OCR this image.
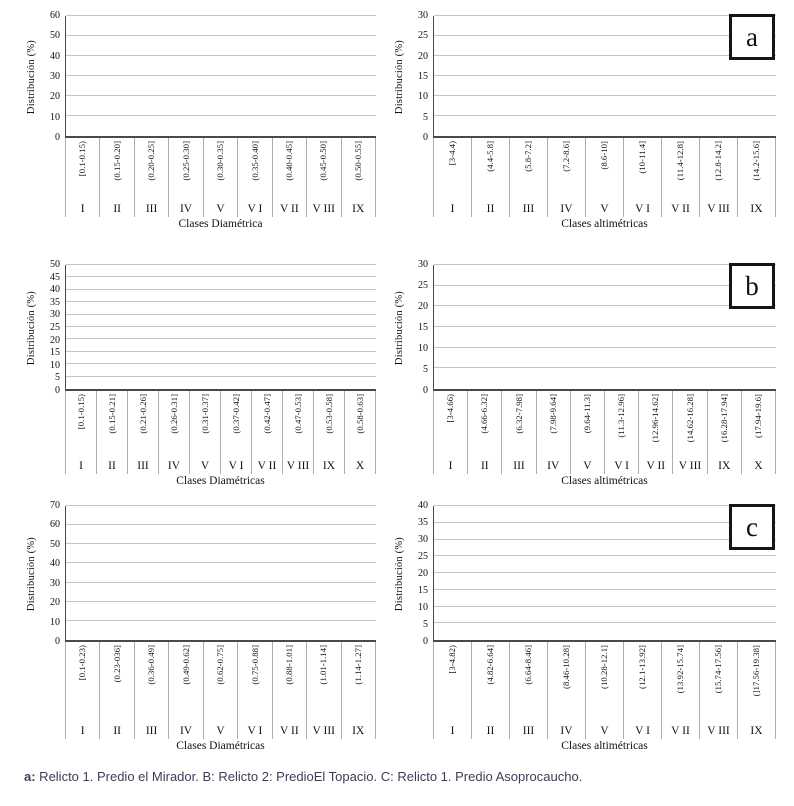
Distribución (%)
0
10
20
30
40
50
60
[0.1-0.15)	(0.15-0.20]	(0.20-0.25]	(0.25-0.30]	(0.30-0.35]	(0.35-0.40]	(0.40-0.45]	(0.45-0.50]	(0.50-0.55]
I	II	III	IV	V	V I	V II	V III	IX
Clases Diamétrica
Distribución (%)
0
5
10
15
20
25
30
a
[3-4.4)	(4.4-5.8]	(5.8-7.2]	(7.2-8.6]	(8.6-10]	(10-11.4]	(11.4-12.8]	(12.8-14.2]	(14.2-15.6]
I	II	III	IV	V	V I	V II	V III	IX
Clases altimétricas
Distribución (%)
0
5
10
15
20
25
30
35
40
45
50
[0.1-0.15) (0.15-0.21] (0.21-0.26] (0.26-0.31] (0.31-0.37] (0.37-0.42] (0.42-0.47] (0.47-0.53] (0.53-0.58] (0.58-0.63]
I	II	III	IV	V	V I	V II V III	IX	X
Clases Diamétricas
Distribución (%)
0
5
10
15
20
25
30
b
[3-4.66)	(4.66-6.32]	(6.32-7.98]	(7.98-9.64]	(9.64-11.3]	(11.3-12.96]	(12.96-14.62]	(14.62-16.28]	(16.28-17.94]	(17.94-19.6]
I	II	III	IV	V	V I	V II	V III	IX	X
Clases altimétricas
Distribución (%)
0
10
20
30
40
50
60
70
[0.1-0.23)	(0.23-036]	(0.36-0.49]	(0.49-0.62]	(0.62-0.75]	(0.75-0.88]	(0.88-1.01]	(1.01-1.14]	(1.14-1.27]
I	II	III	IV	V	V I	V II	V III	IX
Clases Diamétricas
Distribución (%)
0
5
10
15
20
25
30
35
40
c
[3-4.82)	(4.82-6.64]	(6.64-8.46]	(8.46-10.28]	(10.28-12.1]	(12.1-13.92]	(13.92-15.74]	(15.74-17.56]	(]17.56-19.38]
I	II	III	IV	V	V I	V II	V III	IX
Clases altimétricas

a: Relicto 1. Predio el Mirador. B: Relicto 2: PredioEl Topacio. C: Relicto 1. Predio Asoprocaucho.
